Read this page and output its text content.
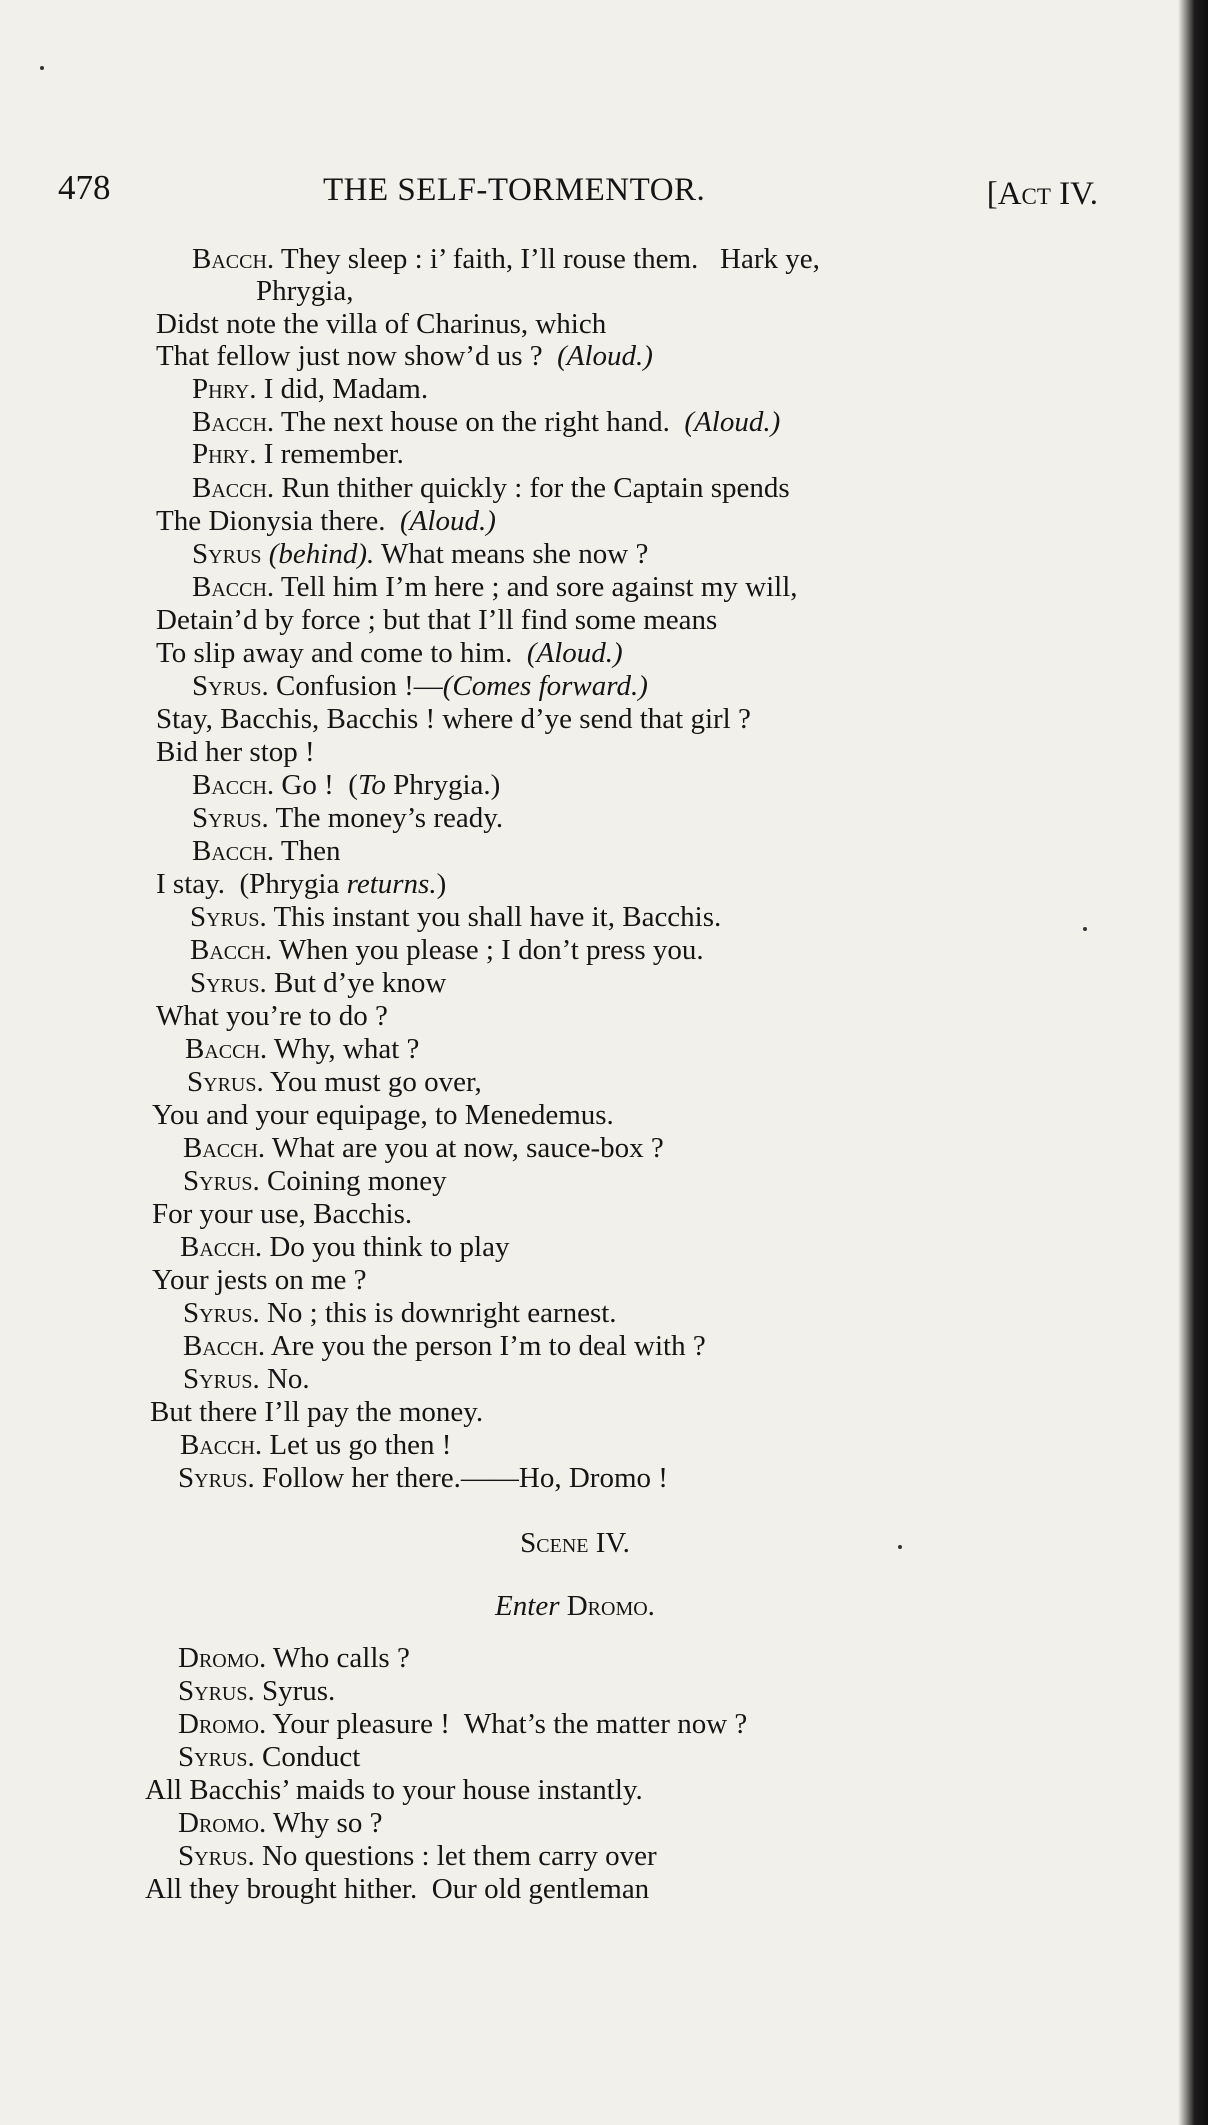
478	THE SELF-TORMENTOR.	[Act IV.
Bacch. They sleep : i’ faith, I’ll rouse them.   Hark ye,
Phrygia,
Didst note the villa of Charinus, which
That fellow just now show’d us ?  (Aloud.)
Phry. I did, Madam.
Bacch. The next house on the right hand.  (Aloud.)
Phry. I remember.
Bacch. Run thither quickly : for the Captain spends
The Dionysia there.  (Aloud.)
Syrus (behind). What means she now ?
Bacch. Tell him I’m here ; and sore against my will,
Detain’d by force ; but that I’ll find some means
To slip away and come to him.  (Aloud.)
Syrus. Confusion !—(Comes forward.)
Stay, Bacchis, Bacchis ! where d’ye send that girl ?
Bid her stop !
Bacch. Go !  (To Phrygia.)
Syrus. The money’s ready.
Bacch. Then
I stay.  (Phrygia returns.)
Syrus. This instant you shall have it, Bacchis.
Bacch. When you please ; I don’t press you.
Syrus. But d’ye know
What you’re to do ?
Bacch. Why, what ?
Syrus. You must go over,
You and your equipage, to Menedemus.
Bacch. What are you at now, sauce-box ?
Syrus. Coining money
For your use, Bacchis.
Bacch. Do you think to play
Your jests on me ?
Syrus. No ; this is downright earnest.
Bacch. Are you the person I’m to deal with ?
Syrus. No.
But there I’ll pay the money.
Bacch. Let us go then !
Syrus. Follow her there.——Ho, Dromo !
Scene IV.
Enter Dromo.
Dromo. Who calls ?
Syrus. Syrus.
Dromo. Your pleasure !  What’s the matter now ?
Syrus. Conduct
All Bacchis’ maids to your house instantly.
Dromo. Why so ?
Syrus. No questions : let them carry over
All they brought hither.  Our old gentleman
